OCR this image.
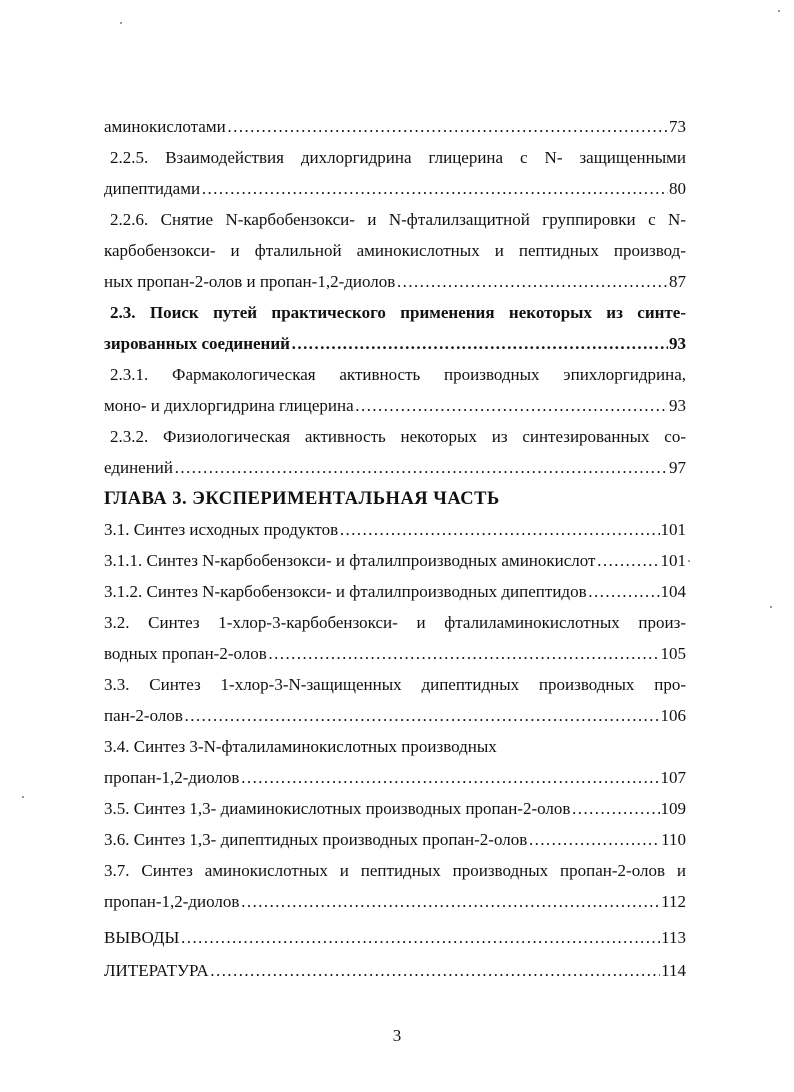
аминокислотами …………………………………………………………………………………………………………………………………………………………………	73
2.2.5. Взаимодействия дихлоргидрина глицерина с N- защищенными
дипептидами …………………………………………………………………………………………………………………………………………………………………	80
2.2.6. Снятие N-карбобензокси- и N-фталилзащитной группировки с N-
карбобензокси- и фталильной аминокислотных и пептидных производ-
ных пропан-2-олов и пропан-1,2-диолов …………………………………………………………………………………………………………………………………………………………………	87
2.3. Поиск путей практического применения некоторых из синте-
зированных соединений …………………………………………………………………………………………………………………………………………………………………	93
2.3.1. Фармакологическая активность производных эпихлоргидрина,
моно- и дихлоргидрина глицерина …………………………………………………………………………………………………………………………………………………………………	93
2.3.2. Физиологическая активность некоторых из синтезированных со-
единений …………………………………………………………………………………………………………………………………………………………………	97
ГЛАВА 3. ЭКСПЕРИМЕНТАЛЬНАЯ ЧАСТЬ
3.1. Синтез исходных продуктов …………………………………………………………………………………………………………………………………………………………………	101
3.1.1. Синтез N-карбобензокси- и фталилпроизводных аминокислот …………………………………………………………………………………………………………………………………………………………………	101
3.1.2. Синтез N-карбобензокси- и фталилпроизводных дипептидов …………………………………………………………………………………………………………………………………………………………………	104
3.2. Синтез 1-хлор-3-карбобензокси- и фталиламинокислотных произ-
водных пропан-2-олов …………………………………………………………………………………………………………………………………………………………………	105
3.3. Синтез 1-хлор-3-N-защищенных дипептидных производных про-
пан-2-олов …………………………………………………………………………………………………………………………………………………………………	106
3.4. Синтез 3-N-фталиламинокислотных производных
пропан-1,2-диолов …………………………………………………………………………………………………………………………………………………………………	107
3.5. Синтез 1,3- диаминокислотных производных пропан-2-олов …………………………………………………………………………………………………………………………………………………………………	109
3.6. Синтез 1,3- дипептидных производных пропан-2-олов …………………………………………………………………………………………………………………………………………………………………	110
3.7. Синтез аминокислотных и пептидных производных пропан-2-олов и
пропан-1,2-диолов …………………………………………………………………………………………………………………………………………………………………	112
ВЫВОДЫ …………………………………………………………………………………………………………………………………………………………………	113
ЛИТЕРАТУРА …………………………………………………………………………………………………………………………………………………………………	114
3
